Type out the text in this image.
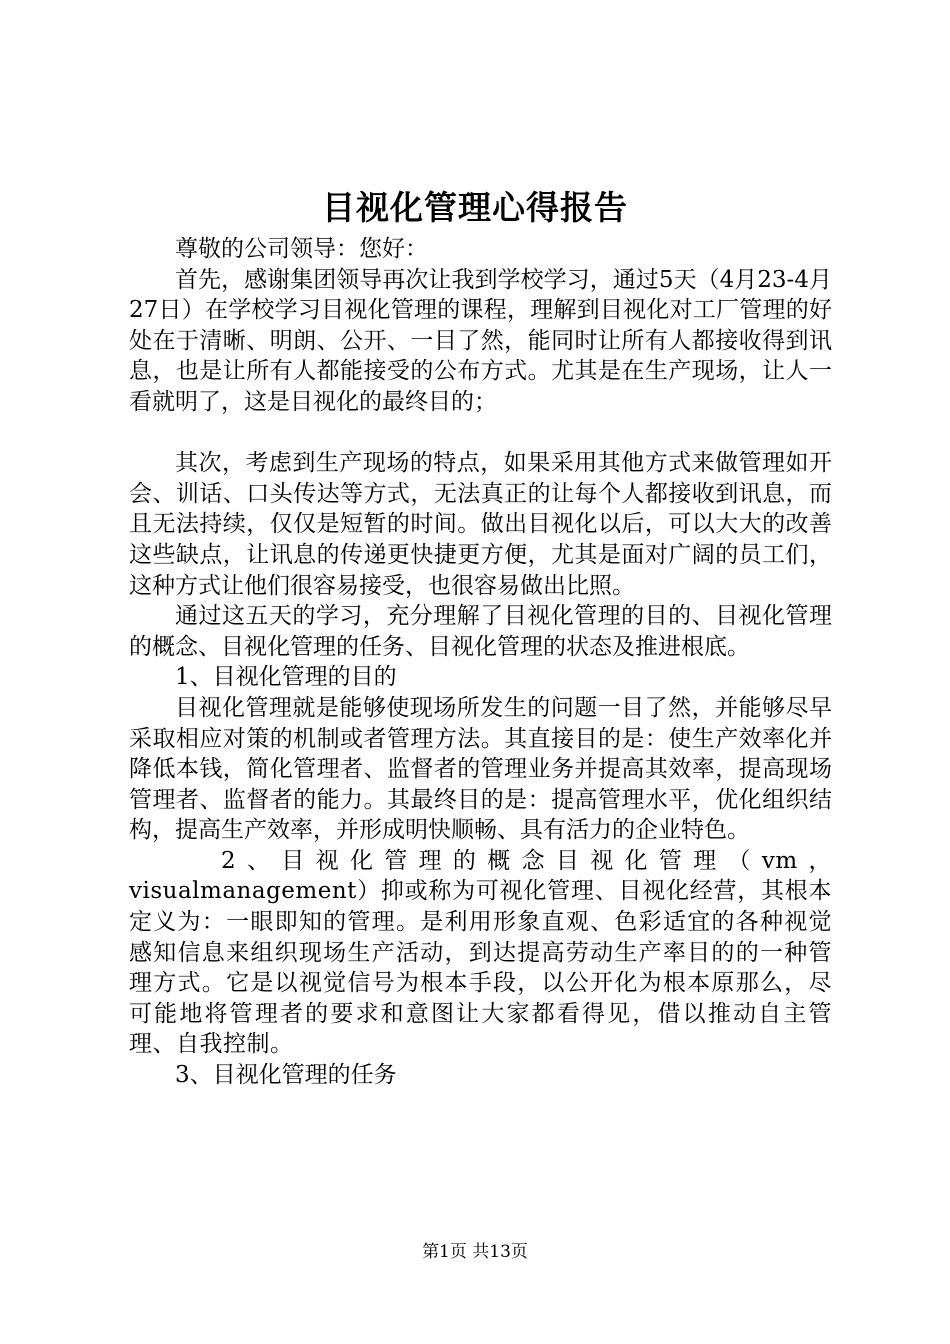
目视化管理心得报告

尊敬的公司领导：您好：

首先，感谢集团领导再次让我到学校学习，通过5天（4月23-4月27日）在学校学习目视化管理的课程，理解到目视化对工厂管理的好处在于清晰、明朗、公开、一目了然，能同时让所有人都接收得到讯息，也是让所有人都能接受的公布方式。尤其是在生产现场，让人一看就明了，这是目视化的最终目的；

其次，考虑到生产现场的特点，如果采用其他方式来做管理如开会、训话、口头传达等方式，无法真正的让每个人都接收到讯息，而且无法持续，仅仅是短暂的时间。做出目视化以后，可以大大的改善这些缺点，让讯息的传递更快捷更方便，尤其是面对广阔的员工们，这种方式让他们很容易接受，也很容易做出比照。

通过这五天的学习，充分理解了目视化管理的目的、目视化管理的概念、目视化管理的任务、目视化管理的状态及推进根底。

1、目视化管理的目的

目视化管理就是能够使现场所发生的问题一目了然，并能够尽早采取相应对策的机制或者管理方法。其直接目的是：使生产效率化并降低本钱，简化管理者、监督者的管理业务并提高其效率，提高现场管理者、监督者的能力。其最终目的是：提高管理水平，优化组织结构，提高生产效率，并形成明快顺畅、具有活力的企业特色。

2、目视化管理的概念目视化管理（vm，visualmanagement）抑或称为可视化管理、目视化经营，其根本定义为：一眼即知的管理。是利用形象直观、色彩适宜的各种视觉感知信息来组织现场生产活动，到达提高劳动生产率目的的一种管理方式。它是以视觉信号为根本手段，以公开化为根本原那么，尽可能地将管理者的要求和意图让大家都看得见，借以推动自主管理、自我控制。

3、目视化管理的任务

第1页 共13页
